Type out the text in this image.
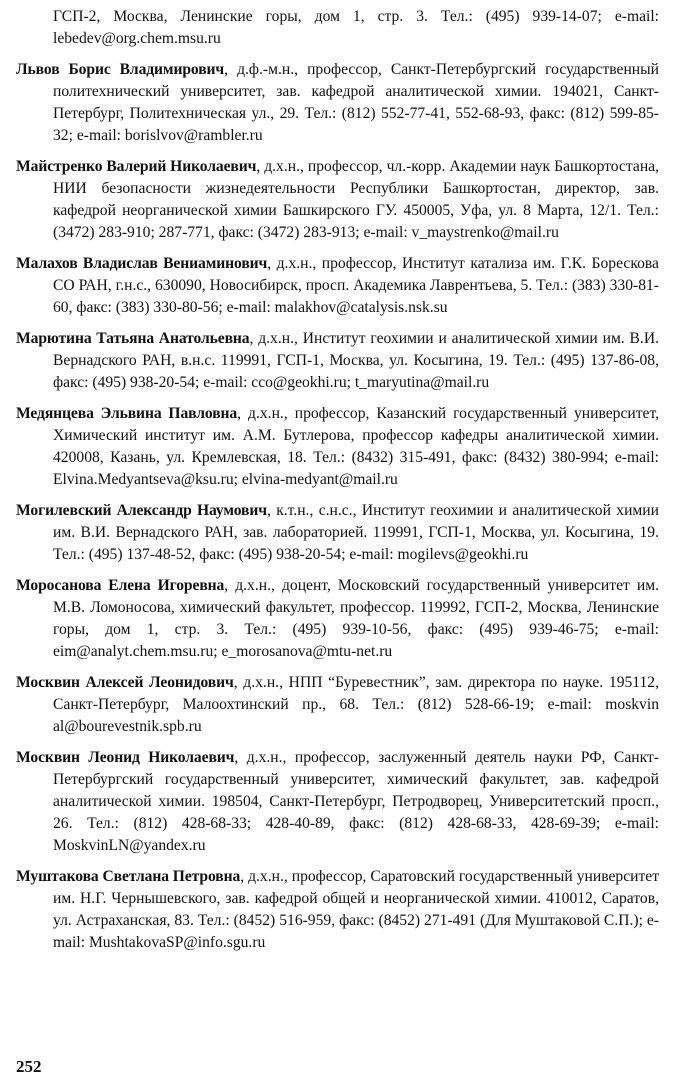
ГСП-2, Москва, Ленинские горы, дом 1, стр. 3. Тел.: (495) 939-14-07; e-mail: lebedev@org.chem.msu.ru

Львов Борис Владимирович, д.ф.-м.н., профессор, Санкт-Петербургский государственный политехнический университет, зав. кафедрой аналитической химии. 194021, Санкт-Петербург, Политехническая ул., 29. Тел.: (812) 552-77-41, 552-68-93, факс: (812) 599-85-32; e-mail: borislvov@rambler.ru

Майстренко Валерий Николаевич, д.х.н., профессор, чл.-корр. Академии наук Башкортостана, НИИ безопасности жизнедеятельности Республики Башкортостан, директор, зав. кафедрой неорганической химии Башкирского ГУ. 450005, Уфа, ул. 8 Марта, 12/1. Тел.: (3472) 283-910; 287-771, факс: (3472) 283-913; e-mail: v_maystrenko@mail.ru

Малахов Владислав Вениаминович, д.х.н., профессор, Институт катализа им. Г.К. Борескова СО РАН, г.н.с., 630090, Новосибирск, просп. Академика Лаврентьева, 5. Тел.: (383) 330-81-60, факс: (383) 330-80-56; e-mail: malakhov@catalysis.nsk.su

Марютина Татьяна Анатольевна, д.х.н., Институт геохимии и аналитической химии им. В.И. Вернадского РАН, в.н.с. 119991, ГСП-1, Москва, ул. Косыгина, 19. Тел.: (495) 137-86-08, факс: (495) 938-20-54; e-mail: cco@geokhi.ru; t_maryutina@mail.ru

Медянцева Эльвина Павловна, д.х.н., профессор, Казанский государственный университет, Химический институт им. А.М. Бутлерова, профессор кафедры аналитической химии. 420008, Казань, ул. Кремлевская, 18. Тел.: (8432) 315-491, факс: (8432) 380-994; e-mail: Elvina.Medyantseva@ksu.ru; elvina-medyant@mail.ru

Могилевский Александр Наумович, к.т.н., с.н.с., Институт геохимии и аналитической химии им. В.И. Вернадского РАН, зав. лабораторией. 119991, ГСП-1, Москва, ул. Косыгина, 19. Тел.: (495) 137-48-52, факс: (495) 938-20-54; e-mail: mogilevs@geokhi.ru

Моросанова Елена Игоревна, д.х.н., доцент, Московский государственный университет им. М.В. Ломоносова, химический факультет, профессор. 119992, ГСП-2, Москва, Ленинские горы, дом 1, стр. 3. Тел.: (495) 939-10-56, факс: (495) 939-46-75; e-mail: eim@analyt.chem.msu.ru; e_morosanova@mtu-net.ru

Москвин Алексей Леонидович, д.х.н., НПП “Буревестник”, зам. директора по науке. 195112, Санкт-Петербург, Малоохтинский пр., 68. Тел.: (812) 528-66-19; e-mail: moskvin al@bourevestnik.spb.ru

Москвин Леонид Николаевич, д.х.н., профессор, заслуженный деятель науки РФ, Санкт-Петербургский государственный университет, химический факультет, зав. кафедрой аналитической химии. 198504, Санкт-Петербург, Петродворец, Университетский просп., 26. Тел.: (812) 428-68-33; 428-40-89, факс: (812) 428-68-33, 428-69-39; e-mail: MoskvinLN@yandex.ru

Муштакова Светлана Петровна, д.х.н., профессор, Саратовский государственный университет им. Н.Г. Чернышевского, зав. кафедрой общей и неорганической химии. 410012, Саратов, ул. Астраханская, 83. Тел.: (8452) 516-959, факс: (8452) 271-491 (Для Муштаковой С.П.); e-mail: MushtakovaSP@info.sgu.ru

252
